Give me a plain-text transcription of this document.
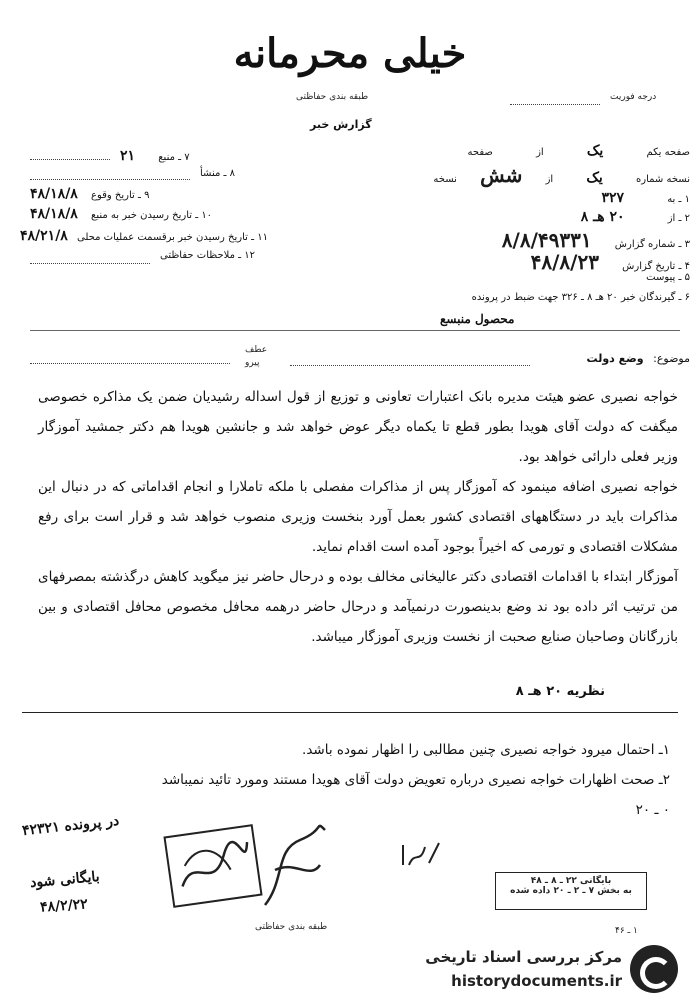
خیلی محرمانه
طبقه بندی حفاظتی
گزارش خبر
درجه فوریت
صفحه یکم یک از صفحه
نسخه شماره یک از شش نسخه
۱ ـ به ۳۲۷
۲ ـ از ۲۰ هـ ۸
۳ ـ شماره گزارش ۸/۸/۴۹۳۳۱
۴ ـ تاریخ گزارش ۴۸/۸/۲۳
۵ ـ پیوست
۶ ـ گیرندگان خبر ۲۰ هـ ۸ ـ ۳۲۶ جهت ضبط در پرونده
محصول منبسع
۷ ـ منبع ۲۱
۸ ـ منشأ
۹ ـ تاریخ وقوع ۴۸/۱۸/۸
۱۰ ـ تاریخ رسیدن خبر به منبع ۴۸/۱۸/۸
۱۱ ـ تاریخ رسیدن خبر برقسمت عملیات محلی ۴۸/۲۱/۸
۱۲ ـ ملاحظات حفاظتی
موضوع: وضع دولت
عطف
پیرو

خواجه نصیری عضو هیئت مدیره بانک اعتبارات تعاونی و توزیع از قول اسداله رشیدیان ضمن یک مذاکره خصوصی میگفت که دولت آقای هویدا بطور قطع تا یکماه دیگر عوض خواهد شد و جانشین هویدا هم دکتر جمشید آموزگار وزیر فعلی دارائی خواهد بود.

خواجه نصیری اضافه مینمود که آموزگار پس از مذاکرات مفصلی با ملکه تاملارا و انجام اقداماتی که در دنبال این مذاکرات باید در دستگاههای اقتصادی کشور بعمل آورد بنخست وزیری منصوب خواهد شد و قرار است برای رفع مشکلات اقتصادی و تورمی که اخیراً بوجود آمده است اقدام نماید.

آموزگار ابتداء با اقدامات اقتصادی دکتر عالیخانی مخالف بوده و درحال حاضر نیز میگوید کاهش درگذشته بمصرفهای من ترتیب اثر داده بود ند وضع بدینصورت درنمیآمد و درحال حاضر درهمه محافل مخصوص محافل اقتصادی و بین بازرگانان وصاحبان صنایع صحبت از نخست وزیری آموزگار میباشد.

نظریه ۲۰ هـ ۸

۱ـ احتمال میرود خواجه نصیری چنین مطالبی را اظهار نموده باشد.

۲ـ صحت اظهارات خواجه نصیری درباره تعویض دولت آقای هویدا مستند ومورد تائید نمیباشد

۰ ـ ۲۰

در پرونده ۴۲۳۲۱
بایگانی شود
۴۸/۲/۲۲
طبقه بندی حفاظتی
بایگانی ۲۲ ـ ۸ ـ ۴۸
به بخش ۷ ـ ۲ ـ ۲۰ داده شده
۱ ـ ۴۶
مرکز بررسی اسناد تاریخی
historydocuments.ir
